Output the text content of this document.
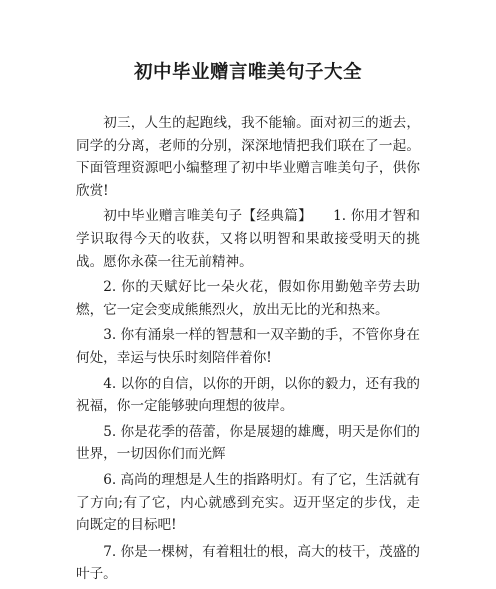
初中毕业赠言唯美句子大全

初三，人生的起跑线，我不能输。面对初三的逝去，同学的分离，老师的分别，深深地情把我们联在了一起。下面管理资源吧小编整理了初中毕业赠言唯美句子，供你欣赏!

初中毕业赠言唯美句子【经典篇】　　1. 你用才智和学识取得今天的收获，又将以明智和果敢接受明天的挑战。愿你永葆一往无前精神。

2. 你的天赋好比一朵火花，假如你用勤勉辛劳去助燃，它一定会变成熊熊烈火，放出无比的光和热来。

3. 你有涌泉一样的智慧和一双辛勤的手，不管你身在何处，幸运与快乐时刻陪伴着你!

4. 以你的自信，以你的开朗，以你的毅力，还有我的祝福，你一定能够驶向理想的彼岸。

5. 你是花季的蓓蕾，你是展翅的雄鹰，明天是你们的世界，一切因你们而光辉

6. 高尚的理想是人生的指路明灯。有了它，生活就有了方向;有了它，内心就感到充实。迈开坚定的步伐，走向既定的目标吧!

7. 你是一棵树，有着粗壮的根，高大的枝干，茂盛的叶子。
